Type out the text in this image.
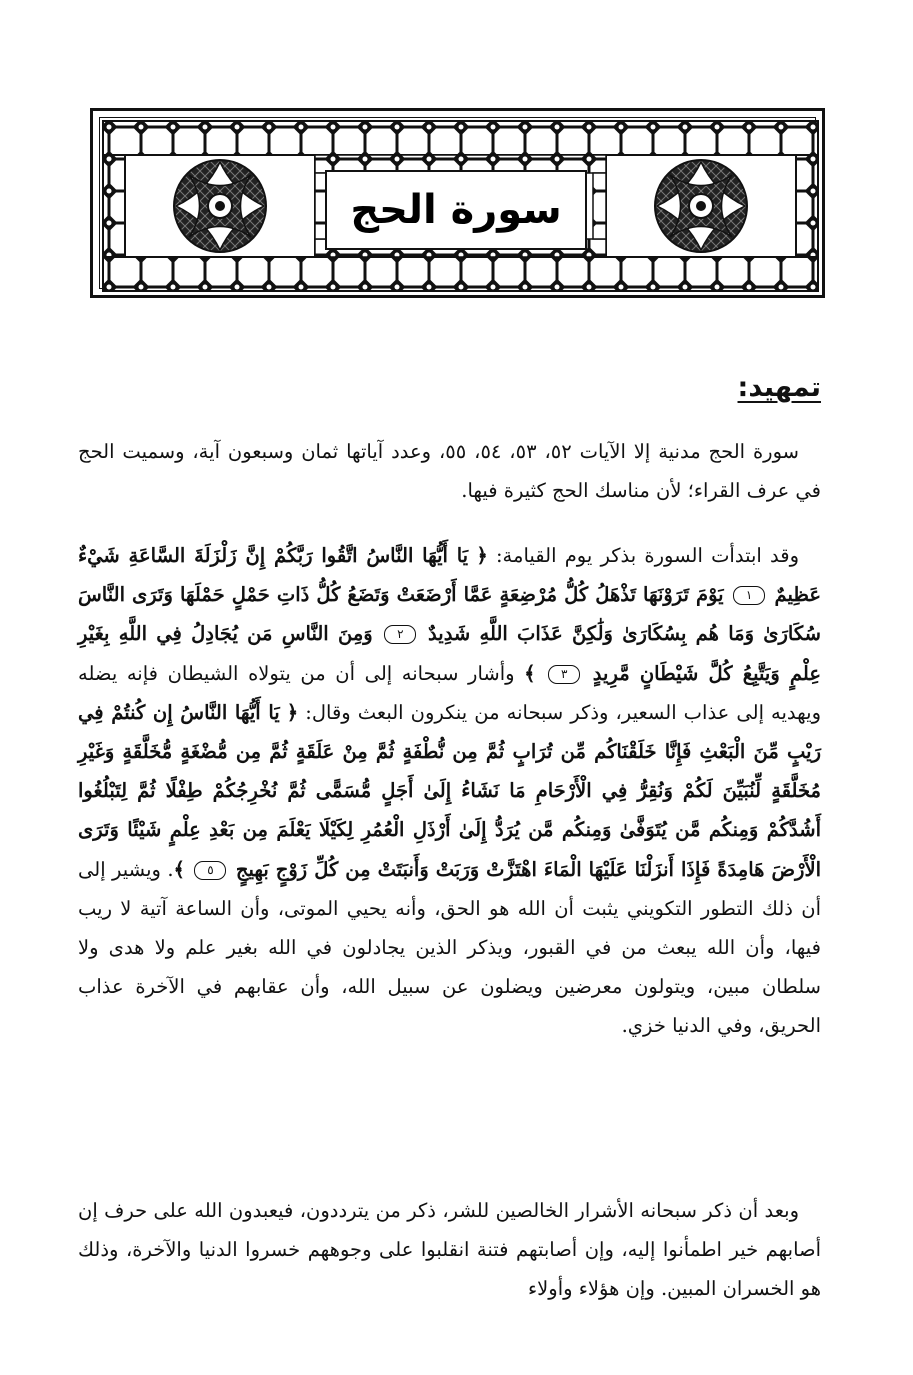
سورة الحج
تمهيد:

سورة الحج مدنية إلا الآيات ٥٢، ٥٣، ٥٤، ٥٥، وعدد آياتها ثمان وسبعون آية، وسميت الحج في عرف القراء؛ لأن مناسك الحج كثيرة فيها.

وقد ابتدأت السورة بذكر يوم القيامة: ﴿ يَا أَيُّهَا النَّاسُ اتَّقُوا رَبَّكُمْ إِنَّ زَلْزَلَةَ السَّاعَةِ شَيْءٌ عَظِيمٌ ١ يَوْمَ تَرَوْنَهَا تَذْهَلُ كُلُّ مُرْضِعَةٍ عَمَّا أَرْضَعَتْ وَتَضَعُ كُلُّ ذَاتِ حَمْلٍ حَمْلَهَا وَتَرَى النَّاسَ سُكَارَىٰ وَمَا هُم بِسُكَارَىٰ وَلَٰكِنَّ عَذَابَ اللَّهِ شَدِيدٌ ٢ وَمِنَ النَّاسِ مَن يُجَادِلُ فِي اللَّهِ بِغَيْرِ عِلْمٍ وَيَتَّبِعُ كُلَّ شَيْطَانٍ مَّرِيدٍ ٣ ﴾ وأشار سبحانه إلى أن من يتولاه الشيطان فإنه يضله ويهديه إلى عذاب السعير، وذكر سبحانه من ينكرون البعث وقال: ﴿ يَا أَيُّهَا النَّاسُ إِن كُنتُمْ فِي رَيْبٍ مِّنَ الْبَعْثِ فَإِنَّا خَلَقْنَاكُم مِّن تُرَابٍ ثُمَّ مِن نُّطْفَةٍ ثُمَّ مِنْ عَلَقَةٍ ثُمَّ مِن مُّضْغَةٍ مُّخَلَّقَةٍ وَغَيْرِ مُخَلَّقَةٍ لِّنُبَيِّنَ لَكُمْ وَنُقِرُّ فِي الْأَرْحَامِ مَا نَشَاءُ إِلَىٰ أَجَلٍ مُّسَمًّى ثُمَّ نُخْرِجُكُمْ طِفْلًا ثُمَّ لِتَبْلُغُوا أَشُدَّكُمْ وَمِنكُم مَّن يُتَوَفَّىٰ وَمِنكُم مَّن يُرَدُّ إِلَىٰ أَرْذَلِ الْعُمُرِ لِكَيْلَا يَعْلَمَ مِن بَعْدِ عِلْمٍ شَيْئًا وَتَرَى الْأَرْضَ هَامِدَةً فَإِذَا أَنزَلْنَا عَلَيْهَا الْمَاءَ اهْتَزَّتْ وَرَبَتْ وَأَنبَتَتْ مِن كُلِّ زَوْجٍ بَهِيجٍ ٥ ﴾. ويشير إلى أن ذلك التطور التكويني يثبت أن الله هو الحق، وأنه يحيي الموتى، وأن الساعة آتية لا ريب فيها، وأن الله يبعث من في القبور، ويذكر الذين يجادلون في الله بغير علم ولا هدى ولا سلطان مبين، ويتولون معرضين ويضلون عن سبيل الله، وأن عقابهم في الآخرة عذاب الحريق، وفي الدنيا خزي.

وبعد أن ذكر سبحانه الأشرار الخالصين للشر، ذكر من يترددون، فيعبدون الله على حرف إن أصابهم خير اطمأنوا إليه، وإن أصابتهم فتنة انقلبوا على وجوههم خسروا الدنيا والآخرة، وذلك هو الخسران المبين. وإن هؤلاء وأولاء
